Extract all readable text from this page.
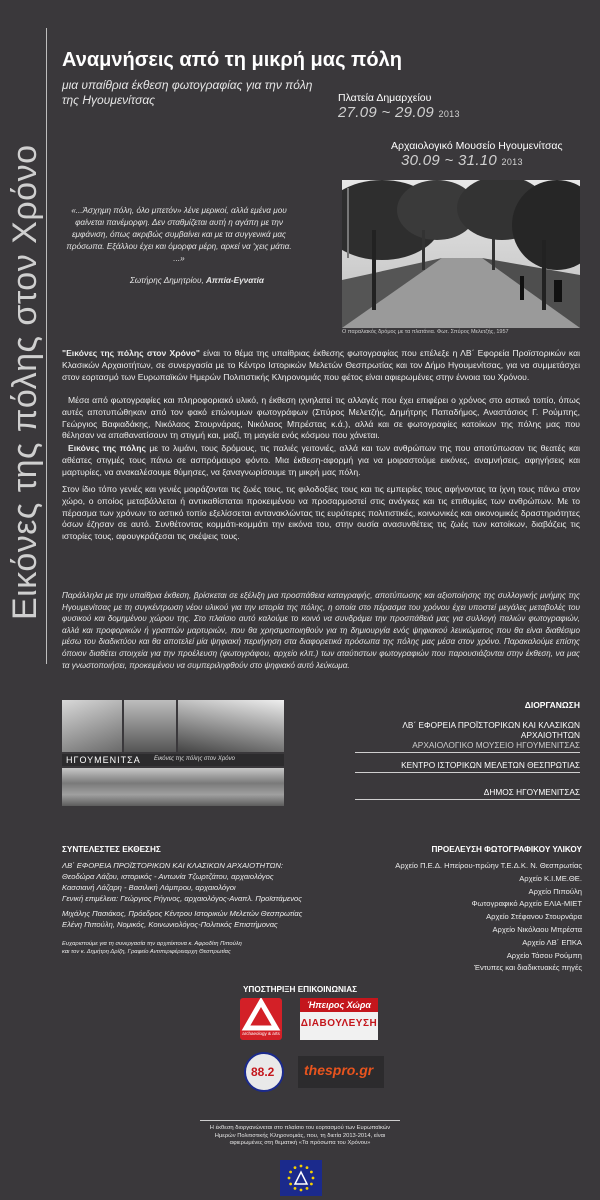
Εικόνες της πόλης στον Χρόνο
Αναμνήσεις από τη μικρή μας πόλη
μια υπαίθρια έκθεση φωτογραφίας για την πόλη της Ηγουμενίτσας	Πλατεία Δημαρχείου
27.09 ~ 29.09 2013
Αρχαιολογικό Μουσείο Ηγουμενίτσας
30.09 ~ 31.10 2013
«...Άσχημη πόλη, όλο μπετόν» λένε μερικοί, αλλά εμένα μου φαίνεται πανέμορφη. Δεν σταθμίζεται αυτή η αγάπη με την εμφάνιση, όπως ακριβώς συμβαίνει και με τα συγγενικά μας πρόσωπα. Εξάλλου έχει και όμορφα μέρη, αρκεί να 'χεις μάτια. ...»
Σωτήρης Δημητρίου, Αππία-Εγνατία
Ο παραλιακός δρόμος με τα πλατάνια. Φωτ. Σπύρος Μελετζής, 1957
"Εικόνες της πόλης στον Χρόνο" είναι το θέμα της υπαίθριας έκθεσης φωτογραφίας που επέλεξε η ΛΒ΄ Εφορεία Προϊστορικών και Κλασικών Αρχαιοτήτων, σε συνεργασία με το Κέντρο Ιστορικών Μελετών Θεσπρωτίας και τον Δήμο Ηγουμενίτσας, για να συμμετάσχει στον εορτασμό των Ευρωπαϊκών Ημερών Πολιτιστικής Κληρονομιάς που φέτος είναι αφιερωμένες στην έννοια του Χρόνου.
Μέσα από φωτογραφίες και πληροφοριακό υλικό, η έκθεση ιχνηλατεί τις αλλαγές που έχει επιφέρει ο χρόνος στο αστικό τοπίο, όπως αυτές αποτυπώθηκαν από τον φακό επώνυμων φωτογράφων (Σπύρος Μελετζής, Δημήτρης Παπαδήμος, Αναστάσιος Γ. Ρούμπης, Γεώργιος Βαφιαδάκης, Νικόλαος Στουρνάρας, Νικόλαος Μπρέστας κ.ά.), αλλά και σε φωτογραφίες κατοίκων της πόλης μας που θέλησαν να απαθανατίσουν τη στιγμή και, μαζί, τη μαγεία ενός κόσμου που χάνεται.
Εικόνες της πόλης με το λιμάνι, τους δρόμους, τις παλιές γειτονιές, αλλά και των ανθρώπων της που αποτύπωσαν τις θεατές και αθέατες στιγμές τους πάνω σε ασπρόμαυρο φόντο. Μια έκθεση-αφορμή για να μοιραστούμε εικόνες, αναμνήσεις, αφηγήσεις και μαρτυρίες, να ανακαλέσουμε θύμησες, να ξαναγνωρίσουμε τη μικρή μας πόλη.
Στον ίδιο τόπο γενιές και γενιές μοιράζονται τις ζωές τους, τις φιλοδοξίες τους και τις εμπειρίες τους αφήνοντας τα ίχνη τους πάνω στον χώρο, ο οποίος μεταβάλλεται ή αντικαθίσταται προκειμένου να προσαρμοστεί στις ανάγκες και τις επιθυμίες των ανθρώπων. Με το πέρασμα των χρόνων το αστικό τοπίο εξελίσσεται αντανακλώντας τις ευρύτερες πολιτιστικές, κοινωνικές και οικονομικές δραστηριότητες όσων έζησαν σε αυτό. Συνθέτοντας κομμάτι-κομμάτι την εικόνα του, στην ουσία ανασυνθέτεις τις ζωές των κατοίκων, διαβάζεις τις ιστορίες τους, αφουγκράζεσαι τις σκέψεις τους.
Παράλληλα με την υπαίθρια έκθεση, βρίσκεται σε εξέλιξη μια προσπάθεια καταγραφής, αποτύπωσης και αξιοποίησης της συλλογικής μνήμης της Ηγουμενίτσας με τη συγκέντρωση νέου υλικού για την ιστορία της πόλης, η οποία στο πέρασμα του χρόνου έχει υποστεί μεγάλες μεταβολές του φυσικού και δομημένου χώρου της. Στο πλαίσιο αυτό καλούμε το κοινό να συνδράμει την προσπάθειά μας για συλλογή παλιών φωτογραφιών, αλλά και προφορικών ή γραπτών μαρτυριών, που θα χρησιμοποιηθούν για τη δημιουργία ενός ψηφιακού λευκώματος που θα είναι διαθέσιμο μέσω του διαδικτύου και θα αποτελεί μία ψηφιακή περιήγηση στα διαφορετικά πρόσωπα της πόλης μας μέσα στον χρόνο. Παρακαλούμε επίσης όποιον διαθέτει στοιχεία για την προέλευση (φωτογράφου, αρχείο κλπ.) των αταύτιστων φωτογραφιών που παρουσιάζονται στην έκθεση, να μας τα γνωστοποιήσει, προκειμένου να συμπεριληφθούν στο ψηφιακό αυτό λεύκωμα.
ΗΓΟΥΜΕΝΙΤΣΑ Εικόνες της πόλης στον Χρόνο
ΔΙΟΡΓΑΝΩΣΗ
ΛΒ΄ ΕΦΟΡΕΙΑ ΠΡΟΪΣΤΟΡΙΚΩΝ ΚΑΙ ΚΛΑΣΙΚΩΝ ΑΡΧΑΙΟΤΗΤΩΝ
ΑΡΧΑΙΟΛΟΓΙΚΟ ΜΟΥΣΕΙΟ ΗΓΟΥΜΕΝΙΤΣΑΣ
ΚΕΝΤΡΟ ΙΣΤΟΡΙΚΩΝ ΜΕΛΕΤΩΝ ΘΕΣΠΡΩΤΙΑΣ
ΔΗΜΟΣ ΗΓΟΥΜΕΝΙΤΣΑΣ
ΣΥΝΤΕΛΕΣΤΕΣ ΕΚΘΕΣΗΣ
ΛΒ΄ ΕΦΟΡΕΙΑ ΠΡΟΪΣΤΟΡΙΚΩΝ ΚΑΙ ΚΛΑΣΙΚΩΝ ΑΡΧΑΙΟΤΗΤΩΝ:
Θεοδώρα Λάζου, ιστορικός - Αντωνία Τζωρτζάτου, αρχαιολόγος
Κασσιανή Λάζαρη - Βασιλική Λάμπρου, αρχαιολόγοι
Γενική επιμέλεια: Γεώργιος Ρήγινος, αρχαιολόγος-Αναπλ. Προϊστάμενος
Μιχάλης Πασιάκος, Πρόεδρος Κέντρου Ιστορικών Μελετών Θεσπρωτίας
Ελένη Πιπούλη, Νομικός, Κοινωνιολόγος-Πολιτικός Επιστήμονας
Ευχαριστούμε για τη συνεργασία την αρχιτέκτονα κ. Αφροδίτη Πιπούλη
και τον κ. Δημήτρη Δρίζη, Γραφείο Αντιπεριφέρειαρχη Θεσπρωτίας
ΠΡΟΕΛΕΥΣΗ ΦΩΤΟΓΡΑΦΙΚΟΥ ΥΛΙΚΟΥ
Αρχείο Π.Ε.Δ. Ηπείρου-πρώην Τ.Ε.Δ.Κ. Ν. Θεσπρωτίας
Αρχείο Κ.Ι.ΜΕ.ΘΕ.
Αρχείο Πιπούλη
Φωτογραφικό Αρχείο ΕΛΙΑ-ΜΙΕΤ
Αρχείο Στέφανου Στουρνάρα
Αρχείο Νικόλαου Μπρέστα
Αρχείο ΛΒ΄ ΕΠΚΑ
Αρχείο Τάσου Ρούμπη
Έντυπες και διαδικτυακές πηγές
ΥΠΟΣΤΗΡΙΞΗ ΕΠΙΚΟΙΝΩΝΙΑΣ
archaeology & arts
Ήπειρος Χώρα
ΔΙΑΒΟΥΛΕΥΣΗ
88.2 thespro.gr
Η έκθεση διοργανώνεται στο πλαίσιο του εορτασμού των Ευρωπαϊκών Ημερών Πολιτιστικής Κληρονομιάς, που, τη διετία 2013-2014, είναι αφιερωμένες στη θεματική «Τα πρόσωπα του Χρόνου»
